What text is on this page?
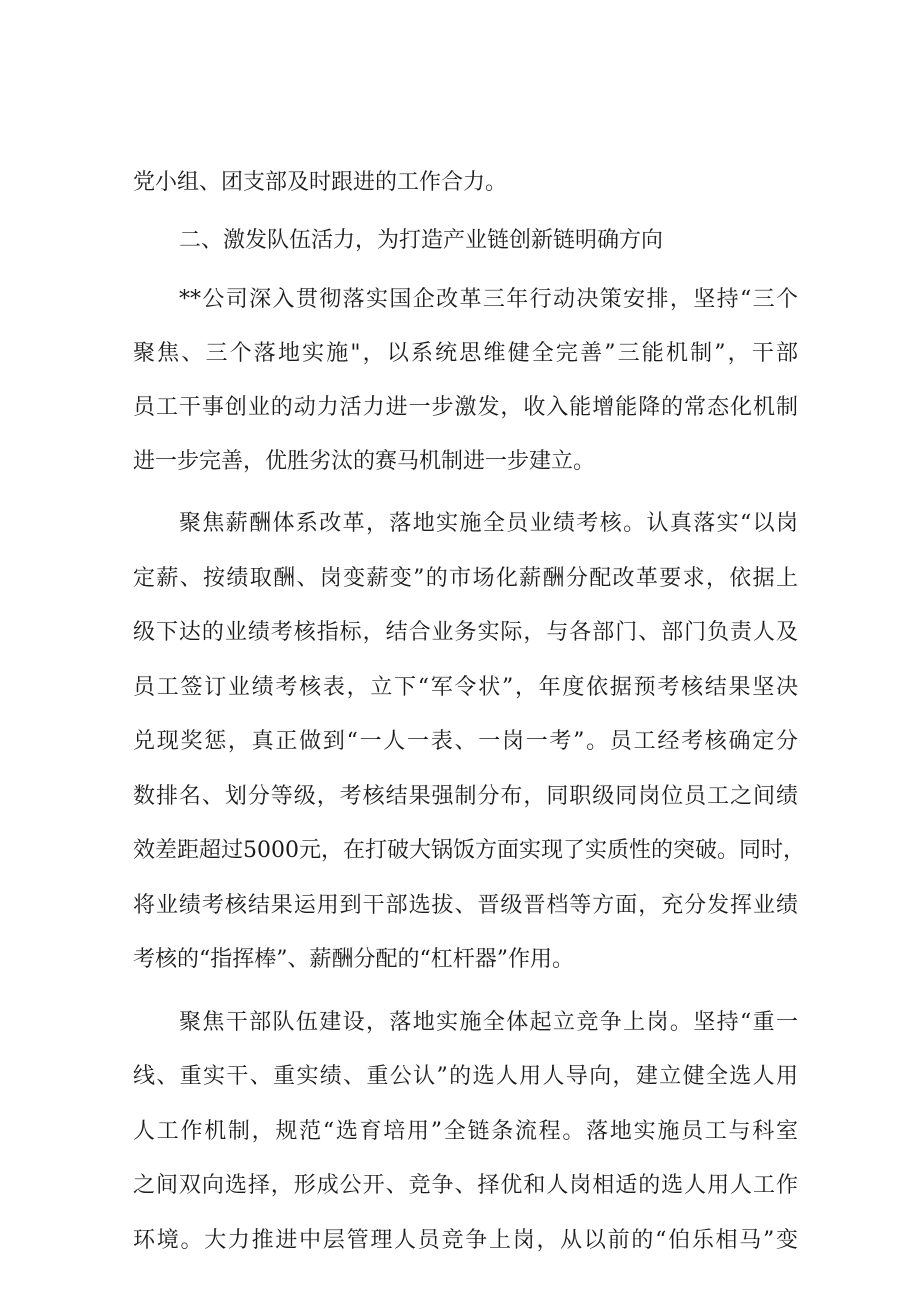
党小组、团支部及时跟进的工作合力。
二、激发队伍活力，为打造产业链创新链明确方向
**公司深入贯彻落实国企改革三年行动决策安排，坚持“三个
聚焦、三个落地实施"，以系统思维健全完善”三能机制”，干部
员工干事创业的动力活力进一步激发，收入能增能降的常态化机制
进一步完善，优胜劣汰的赛马机制进一步建立。
聚焦薪酬体系改革，落地实施全员业绩考核。认真落实“以岗
定薪、按绩取酬、岗变薪变”的市场化薪酬分配改革要求，依据上
级下达的业绩考核指标，结合业务实际，与各部门、部门负责人及
员工签订业绩考核表，立下“军令状”，年度依据预考核结果坚决
兑现奖惩，真正做到“一人一表、一岗一考”。员工经考核确定分
数排名、划分等级，考核结果强制分布，同职级同岗位员工之间绩
效差距超过5000元，在打破大锅饭方面实现了实质性的突破。同时，
将业绩考核结果运用到干部选拔、晋级晋档等方面，充分发挥业绩
考核的“指挥棒”、薪酬分配的“杠杆器”作用。
聚焦干部队伍建设，落地实施全体起立竞争上岗。坚持“重一
线、重实干、重实绩、重公认”的选人用人导向，建立健全选人用
人工作机制，规范“选育培用”全链条流程。落地实施员工与科室
之间双向选择，形成公开、竞争、择优和人岗相适的选人用人工作
环境。大力推进中层管理人员竞争上岗，从以前的“伯乐相马”变
